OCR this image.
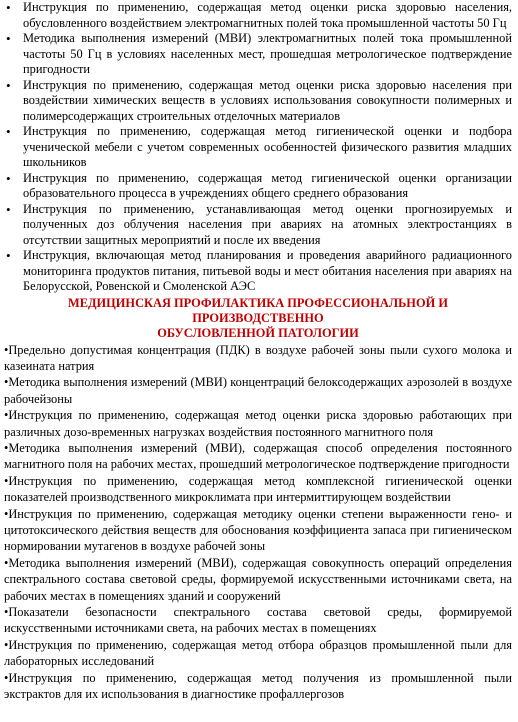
• Инструкция по применению, содержащая метод оценки риска здоровью населения, обусловленного воздействием электромагнитных полей тока промышленной частоты 50 Гц
• Методика выполнения измерений (МВИ) электромагнитных полей тока промышленной частоты 50 Гц в условиях населенных мест, прошедшая метрологическое подтверждение пригодности
• Инструкция по применению, содержащая метод оценки риска здоровью населения при воздействии химических веществ в условиях использования совокупности полимерных и полимерсодержащих строительных отделочных материалов
• Инструкция по применению, содержащая метод гигиенической оценки и подбора ученической мебели с учетом современных особенностей физического развития младших школьников
• Инструкция по применению, содержащая метод гигиенической оценки организации образовательного процесса в учреждениях общего среднего образования
• Инструкция по применению, устанавливающая метод оценки прогнозируемых и полученных доз облучения населения при авариях на атомных электростанциях в отсутствии защитных мероприятий и после их введения
• Инструкция, включающая метод планирования и проведения аварийного радиационного мониторинга продуктов питания, питьевой воды и мест обитания населения при авариях на Белорусской, Ровенской и Смоленской АЭС
МЕДИЦИНСКАЯ ПРОФИЛАКТИКА ПРОФЕССИОНАЛЬНОЙ И ПРОИЗВОДСТВЕННО
ОБУСЛОВЛЕННОЙ ПАТОЛОГИИ
•Предельно допустимая концентрация (ПДК) в воздухе рабочей зоны пыли сухого молока и казеината натрия
•Методика выполнения измерений (МВИ) концентраций белоксодержащих аэрозолей в воздухе рабочейзоны
•Инструкция по применению, содержащая метод оценки риска здоровью работающих при различных дозо-временных нагрузках воздействия постоянного магнитного поля
•Методика выполнения измерений (МВИ), содержащая способ определения постоянного магнитного поля на рабочих местах, прошедший метрологическое подтверждение пригодности
•Инструкция по применению, содержащая метод комплексной гигиенической оценки показателей производственного микроклимата при интермиттирующем воздействии
•Инструкция по применению, содержащая методику оценки степени выраженности гено- и цитотоксического действия веществ для обоснования коэффициента запаса при гигиеническом нормировании мутагенов в воздухе рабочей зоны
•Методика выполнения измерений (МВИ), содержащая совокупность операций определения спектрального состава световой среды, формируемой искусственными источниками света, на рабочих местах в помещениях зданий и сооружений
•Показатели безопасности спектрального состава световой среды, формируемой искусственными источниками света, на рабочих местах в помещениях
•Инструкция по применению, содержащая метод отбора образцов промышленной пыли для лабораторных исследований
•Инструкция по применению, содержащая метод получения из промышленной пыли экстрактов для их использования в диагностике профаллергозов
